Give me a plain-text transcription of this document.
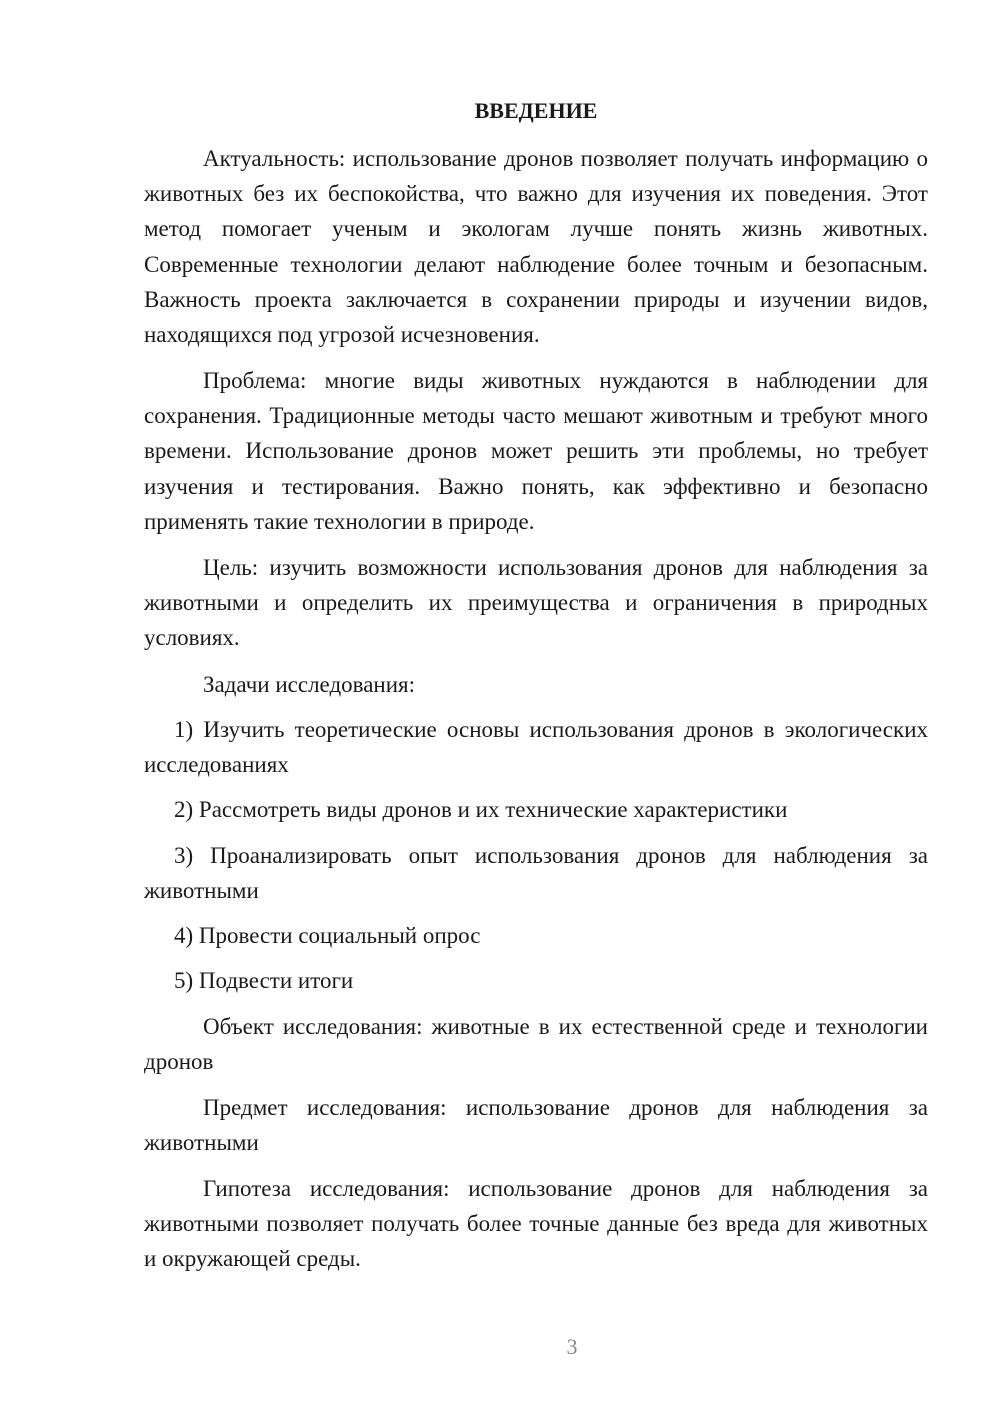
ВВЕДЕНИЕ

Актуальность: использование дронов позволяет получать информацию о животных без их беспокойства, что важно для изучения их поведения. Этот метод помогает ученым и экологам лучше понять жизнь животных. Современные технологии делают наблюдение более точным и безопасным. Важность проекта заключается в сохранении природы и изучении видов, находящихся под угрозой исчезновения.

Проблема: многие виды животных нуждаются в наблюдении для сохранения. Традиционные методы часто мешают животным и требуют много времени. Использование дронов может решить эти проблемы, но требует изучения и тестирования. Важно понять, как эффективно и безопасно применять такие технологии в природе.

Цель: изучить возможности использования дронов для наблюдения за животными и определить их преимущества и ограничения в природных условиях.

Задачи исследования:

1) Изучить теоретические основы использования дронов в экологических исследованиях

2) Рассмотреть виды дронов и их технические характеристики

3) Проанализировать опыт использования дронов для наблюдения за животными

4) Провести социальный опрос

5) Подвести итоги

Объект исследования: животные в их естественной среде и технологии дронов

Предмет исследования: использование дронов для наблюдения за животными

Гипотеза исследования: использование дронов для наблюдения за животными позволяет получать более точные данные без вреда для животных и окружающей среды.

3
